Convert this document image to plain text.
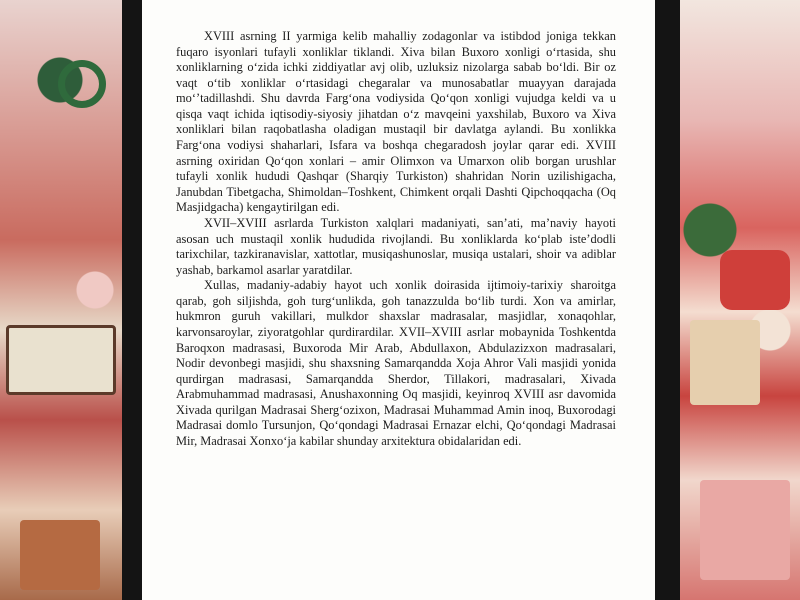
XVIII asrning II yarmiga kelib mahalliy zodagonlar va istibdod joniga tekkan fuqaro isyonlari tufayli xonliklar tiklandi. Xiva bilan Buxoro xonligi oʻrtasida, shu xonliklarning oʻzida ichki ziddiyatlar avj olib, uzluksiz nizolarga sabab boʻldi. Bir oz vaqt oʻtib xonliklar oʻrtasidagi chegaralar va munosabatlar muayyan darajada moʻʼtadillashdi. Shu davrda Fargʻona vodiysida Qoʻqon xonligi vujudga keldi va u qisqa vaqt ichida iqtisodiy-siyosiy jihatdan oʻz mavqeini yaxshilab, Buxoro va Xiva xonliklari bilan raqobatlasha oladigan mustaqil bir davlatga aylandi. Bu xonlikka Fargʻona vodiysi shaharlari, Isfara va boshqa chegaradosh joylar qarar edi. XVIII asrning oxiridan Qoʻqon xonlari – amir Olimxon va Umarxon olib borgan urushlar tufayli xonlik hududi Qashqar (Sharqiy Turkiston) shahridan Norin uzilishigacha, Janubdan Tibetgacha, Shimoldan–Toshkent, Chimkent orqali Dashti Qipchoqqacha (Oq Masjidgacha) kengaytirilgan edi.

XVII–XVIII asrlarda Turkiston xalqlari madaniyati, sanʼati, maʼnaviy hayoti asosan uch mustaqil xonlik hududida rivojlandi. Bu xonliklarda koʻplab isteʼdodli tarixchilar, tazkiranavislar, xattotlar, musiqashunoslar, musiqa ustalari, shoir va adiblar yashab, barkamol asarlar yaratdilar.

Xullas, madaniy-adabiy hayot uch xonlik doirasida ijtimoiy-tarixiy sharoitga qarab, goh siljishda, goh turgʻunlikda, goh tanazzulda boʻlib turdi. Xon va amirlar, hukmron guruh vakillari, mulkdor shaxslar madrasalar, masjidlar, xonaqohlar, karvonsaroylar, ziyoratgohlar qurdirardilar. XVII–XVIII asrlar mobaynida Toshkentda Baroqxon madrasasi, Buxoroda Mir Arab, Abdullaxon, Abdulazizxon madrasalari, Nodir devonbegi masjidi, shu shaxsning Samarqandda Xoja Ahror Vali masjidi yonida qurdirgan madrasasi, Samarqandda Sherdor, Tillakori, madrasalari, Xivada Arabmuhammad madrasasi, Anushaxonning Oq masjidi, keyinroq XVIII asr davomida Xivada qurilgan Madrasai Shergʻozixon, Madrasai Muhammad Amin inoq, Buxorodagi Madrasai domlo Tursunjon, Qoʻqondagi Madrasai Ernazar elchi, Qoʻqondagi Madrasai Mir, Madrasai Xonxoʻja kabilar shunday arxitektura obidalaridan edi.
